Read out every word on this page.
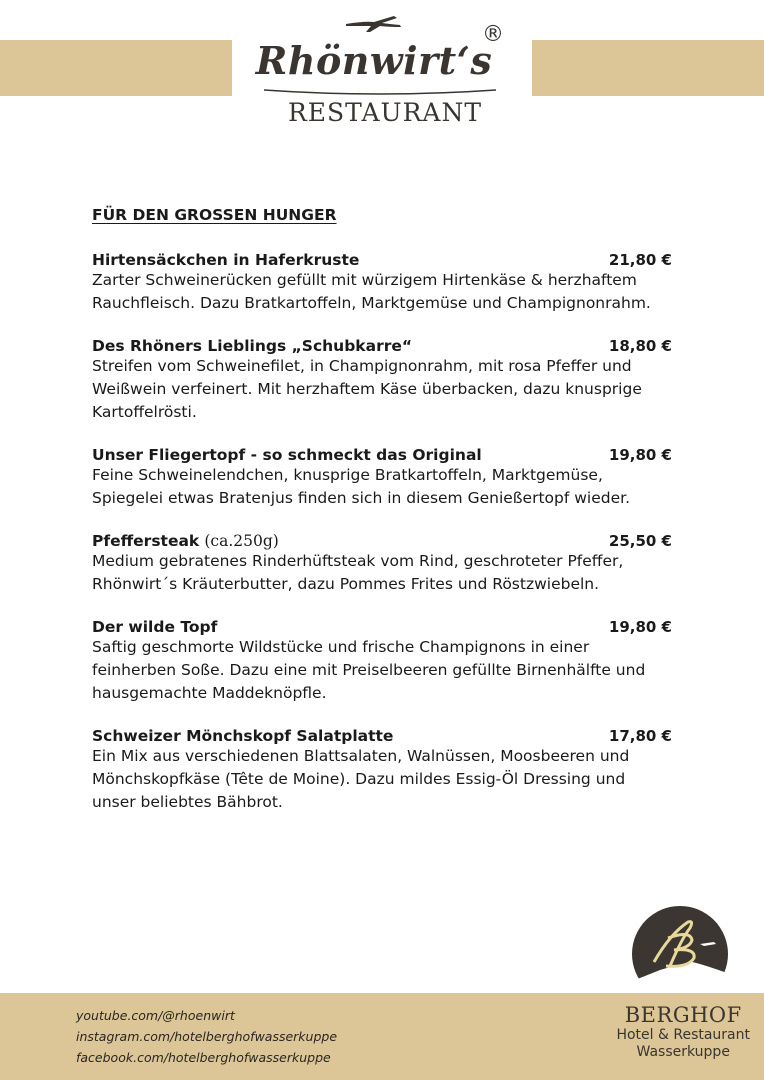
Rhönwirt‘s
®
RESTAURANT
FÜR DEN GROSSEN HUNGER
Hirtensäckchen in Haferkruste	21,80 €

Zarter Schweinerücken gefüllt mit würzigem Hirtenkäse & herzhaftem Rauchfleisch. Dazu Bratkartoffeln, Marktgemüse und Champignonrahm.

Des Rhöners Lieblings „Schubkarre“	18,80 €

Streifen vom Schweinefilet, in Champignonrahm, mit rosa Pfeffer und Weißwein verfeinert. Mit herzhaftem Käse überbacken, dazu knusprige Kartoffelrösti.

Unser Fliegertopf - so schmeckt das Original	19,80 €

Feine Schweinelendchen, knusprige Bratkartoffeln, Marktgemüse, Spiegelei etwas Bratenjus finden sich in diesem Genießertopf wieder.

Pfeffersteak (ca.250g)	25,50 €

Medium gebratenes Rinderhüftsteak vom Rind, geschroteter Pfeffer, Rhönwirt´s Kräuterbutter, dazu Pommes Frites und Röstzwiebeln.

Der wilde Topf	19,80 €

Saftig geschmorte Wildstücke und frische Champignons in einer feinherben Soße. Dazu eine mit Preiselbeeren gefüllte Birnenhälfte und hausgemachte Maddeknöpfle.

Schweizer Mönchskopf Salatplatte	17,80 €

Ein Mix aus verschiedenen Blattsalaten, Walnüssen, Moosbeeren und Mönchskopfkäse (Tête de Moine). Dazu mildes Essig-Öl Dressing und unser beliebtes Bähbrot.

youtube.com/@rhoenwirt
instagram.com/hotelberghofwasserkuppe
facebook.com/hotelberghofwasserkuppe
BERGHOF
Hotel & Restaurant
Wasserkuppe
